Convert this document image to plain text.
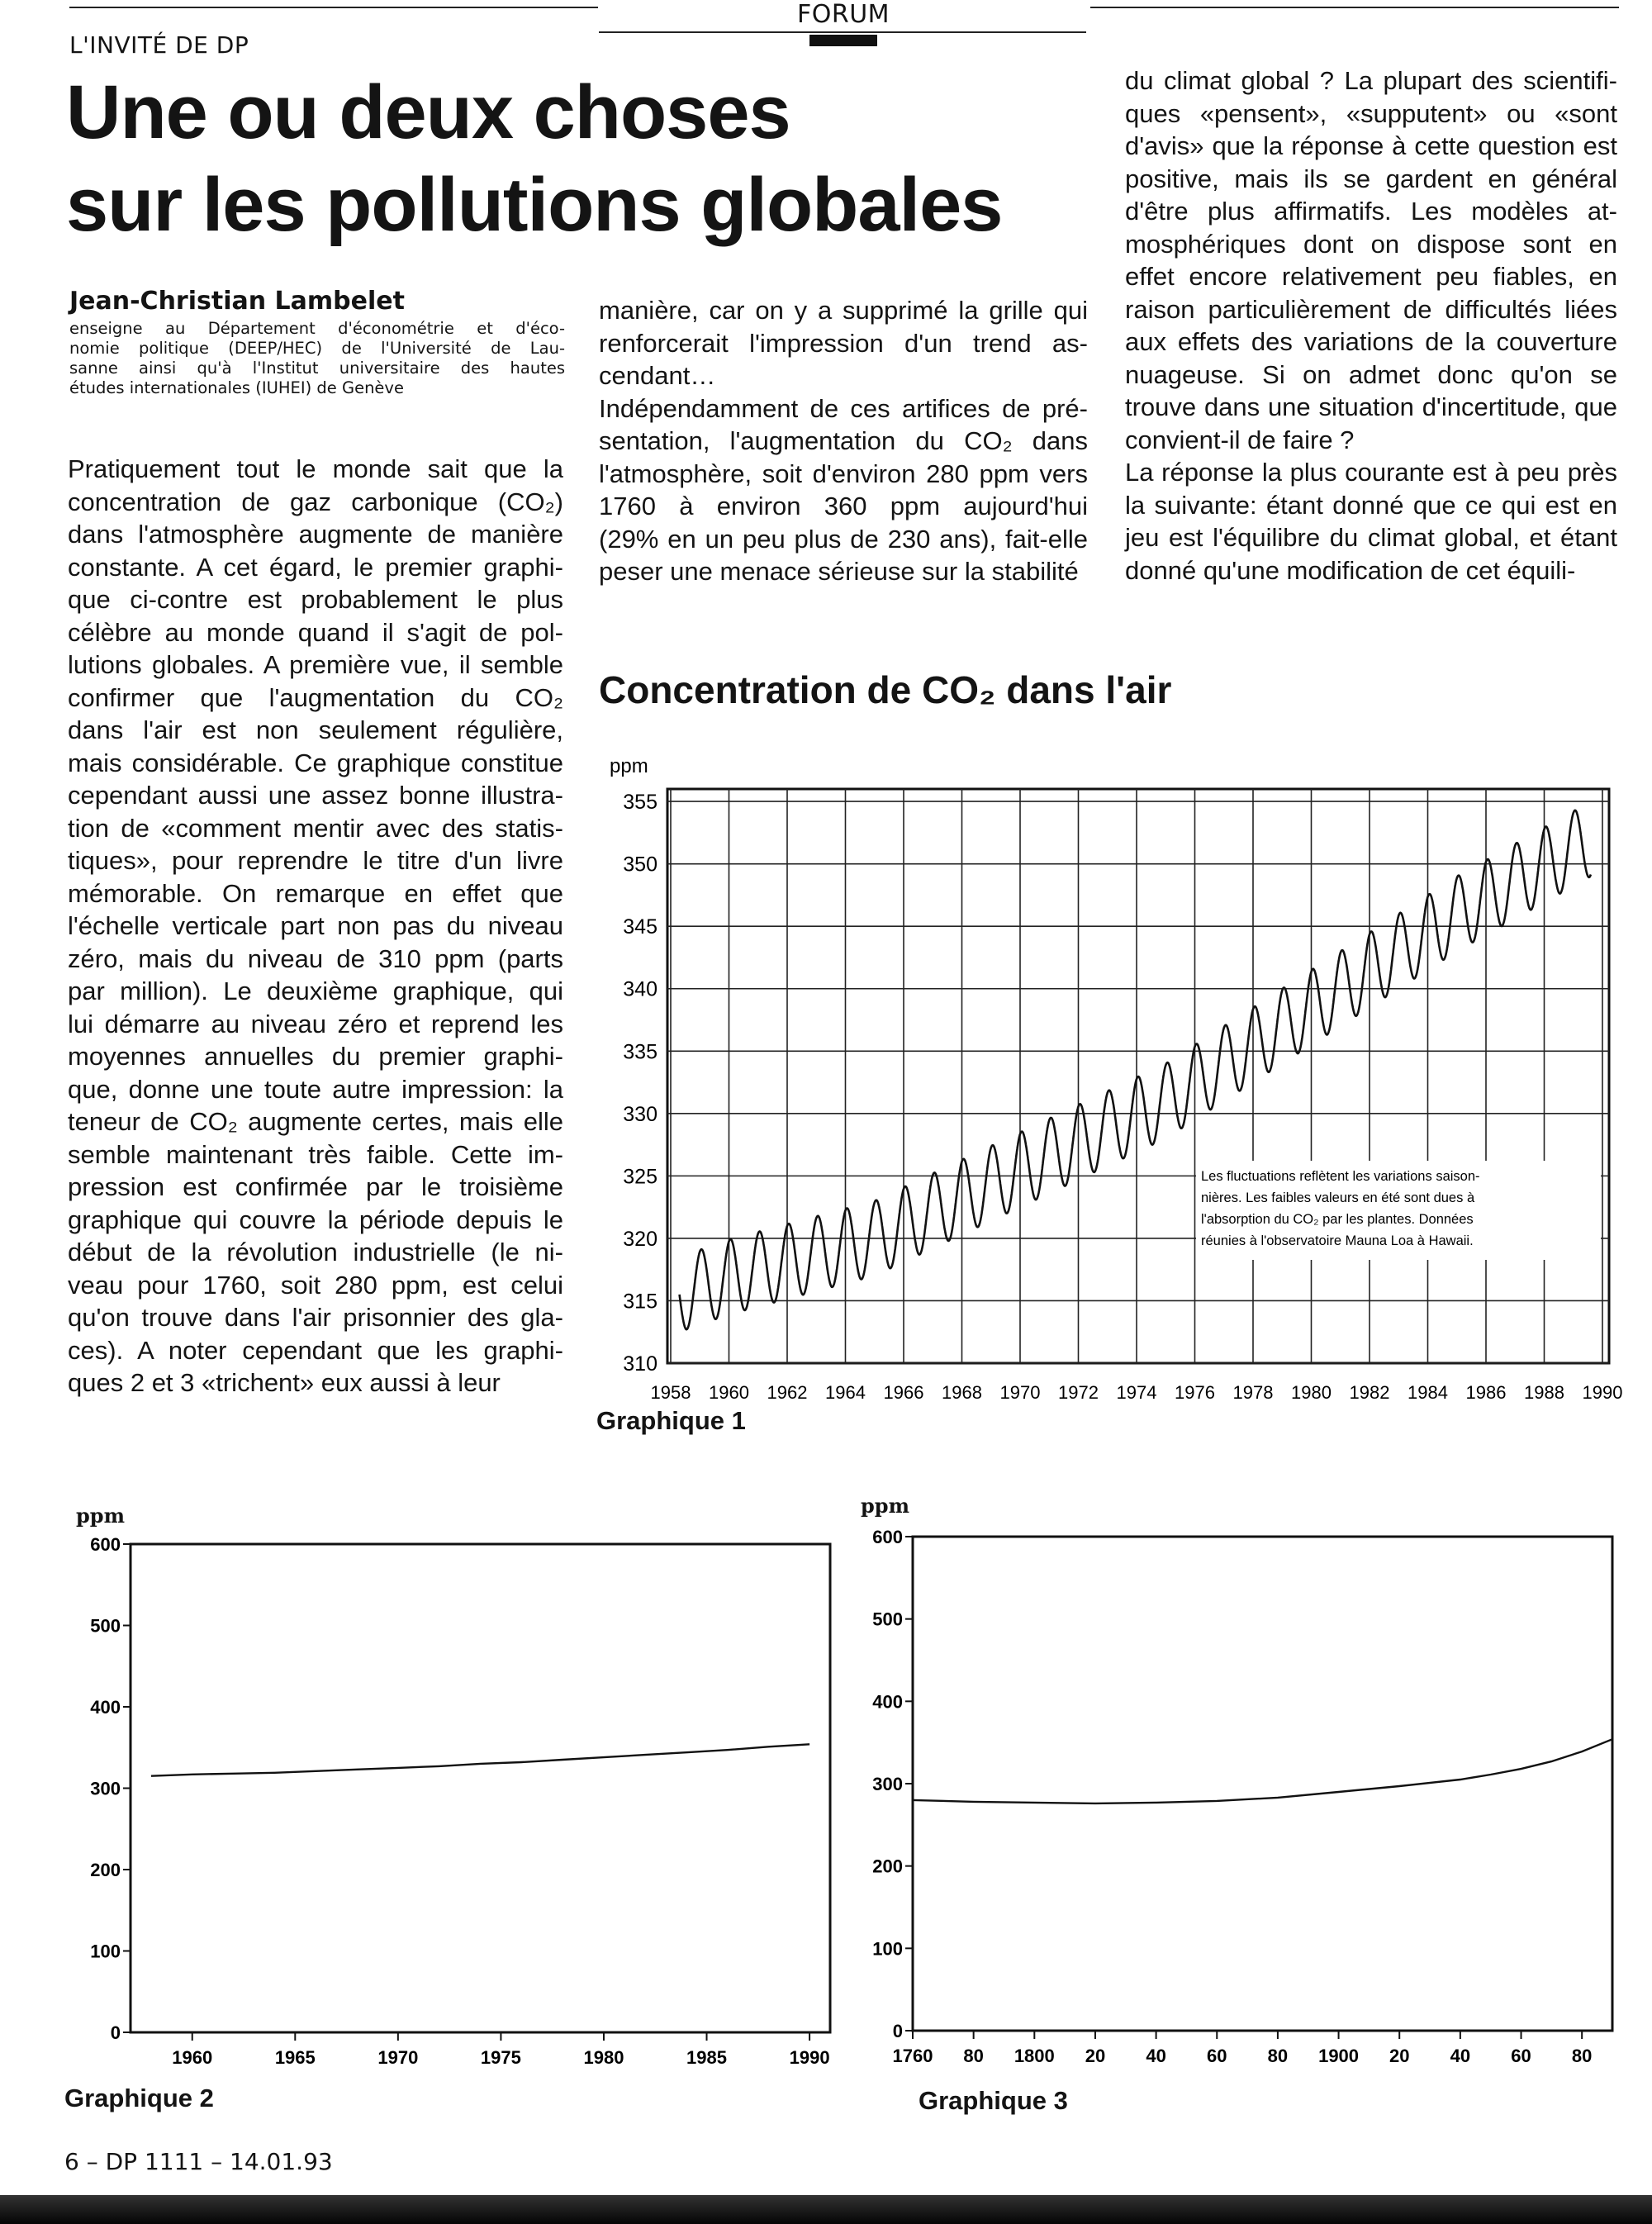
FORUM
L'INVITÉ DE DP
Une ou deux choses
sur les pollutions globales
Jean-Christian Lambelet
enseigne au Département d'économétrie et d'éco-
nomie politique (DEEP/HEC) de l'Université de Lau-
sanne ainsi qu'à l'Institut universitaire des hautes
études internationales (IUHEI) de Genève
Pratiquement tout le monde sait que la
concentration de gaz carbonique (CO₂)
dans l'atmosphère augmente de manière
constante. A cet égard, le premier graphi-
que ci-contre est probablement le plus
célèbre au monde quand il s'agit de pol-
lutions globales. A première vue, il semble
confirmer que l'augmentation du CO₂
dans l'air est non seulement régulière,
mais considérable. Ce graphique constitue
cependant aussi une assez bonne illustra-
tion de «comment mentir avec des statis-
tiques», pour reprendre le titre d'un livre
mémorable. On remarque en effet que
l'échelle verticale part non pas du niveau
zéro, mais du niveau de 310 ppm (parts
par million). Le deuxième graphique, qui
lui démarre au niveau zéro et reprend les
moyennes annuelles du premier graphi-
que, donne une toute autre impression: la
teneur de CO₂ augmente certes, mais elle
semble maintenant très faible. Cette im-
pression est confirmée par le troisième
graphique qui couvre la période depuis le
début de la révolution industrielle (le ni-
veau pour 1760, soit 280 ppm, est celui
qu'on trouve dans l'air prisonnier des gla-
ces). A noter cependant que les graphi-
ques 2 et 3 «trichent» eux aussi à leur
manière, car on y a supprimé la grille qui
renforcerait l'impression d'un trend as-
cendant…
Indépendamment de ces artifices de pré-
sentation, l'augmentation du CO₂ dans
l'atmosphère, soit d'environ 280 ppm vers
1760 à environ 360 ppm aujourd'hui
(29% en un peu plus de 230 ans), fait-elle
peser une menace sérieuse sur la stabilité
du climat global ? La plupart des scientifi-
ques «pensent», «supputent» ou «sont
d'avis» que la réponse à cette question est
positive, mais ils se gardent en général
d'être plus affirmatifs. Les modèles at-
mosphériques dont on dispose sont en
effet encore relativement peu fiables, en
raison particulièrement de difficultés liées
aux effets des variations de la couverture
nuageuse. Si on admet donc qu'on se
trouve dans une situation d'incertitude, que
convient-il de faire ?
La réponse la plus courante est à peu près
la suivante: étant donné que ce qui est en
jeu est l'équilibre du climat global, et étant
donné qu'une modification de cet équili-
Concentration de CO₂ dans l'air
ppm
310
315
320
325
330
335
340
345
350
355
1958 1960 1962 1964 1966 1968 1970 1972 1974 1976 1978 1980 1982 1984 1986 1988 1990
Les fluctuations reflètent les variations saison-
nières. Les faibles valeurs en été sont dues à
l'absorption du CO₂ par les plantes. Données
réunies à l'observatoire Mauna Loa à Hawaii.
Graphique 1
ppm
0
100
200
300
400
500
600
1960	1965	1970	1975	1980	1985	1990
Graphique 2
ppm
0
100
200
300
400
500
600
1760 80 1800 20 40 60 80 1900 20 40 60 80
Graphique 3
6 – DP 1111 – 14.01.93
